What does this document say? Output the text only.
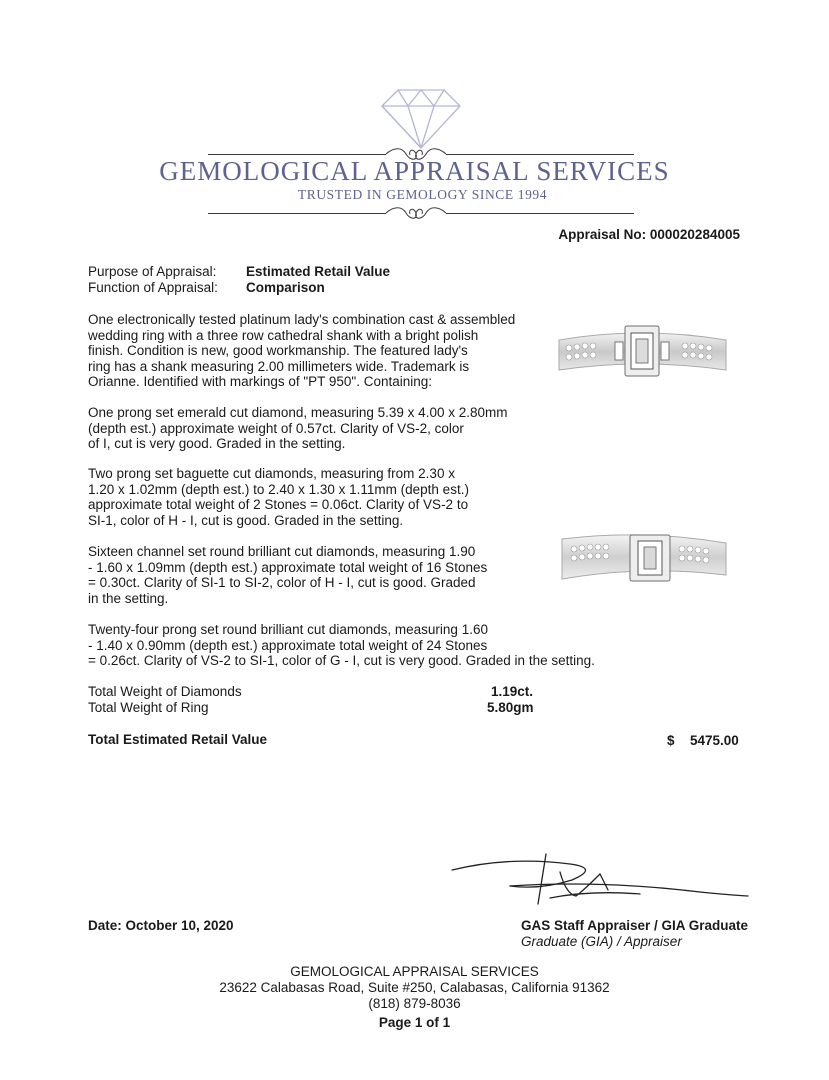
GEMOLOGICAL APPRAISAL SERVICES
TRUSTED IN GEMOLOGY SINCE 1994
Appraisal No: 000020284005
Purpose of Appraisal: Estimated Retail Value
Function of Appraisal: Comparison

One electronically tested platinum lady's combination cast & assembled
wedding ring with a three row cathedral shank with a bright polish
finish. Condition is new, good workmanship. The featured lady's
ring has a shank measuring 2.00 millimeters wide. Trademark is
Orianne. Identified with markings of "PT 950". Containing:

One prong set emerald cut diamond, measuring 5.39 x 4.00 x 2.80mm
(depth est.) approximate weight of 0.57ct. Clarity of VS-2, color
of I, cut is very good. Graded in the setting.

Two prong set baguette cut diamonds, measuring from 2.30 x
1.20 x 1.02mm (depth est.) to 2.40 x 1.30 x 1.11mm (depth est.)
approximate total weight of 2 Stones = 0.06ct. Clarity of VS-2 to
SI-1, color of H - I, cut is good. Graded in the setting.

Sixteen channel set round brilliant cut diamonds, measuring 1.90
- 1.60 x 1.09mm (depth est.) approximate total weight of 16 Stones
= 0.30ct. Clarity of SI-1 to SI-2, color of H - I, cut is good. Graded
in the setting.

Twenty-four prong set round brilliant cut diamonds, measuring 1.60
- 1.40 x 0.90mm (depth est.) approximate total weight of 24 Stones
= 0.26ct. Clarity of VS-2 to SI-1, color of G - I, cut is very good. Graded in the setting.

Total Weight of Diamonds	1.19ct.
Total Weight of Ring	5.80gm
Total Estimated Retail Value	$ 5475.00
Date: October 10, 2020	GAS Staff Appraiser / GIA Graduate
Graduate (GIA) / Appraiser
GEMOLOGICAL APPRAISAL SERVICES
23622 Calabasas Road, Suite #250, Calabasas, California 91362
(818) 879-8036
Page 1 of 1
